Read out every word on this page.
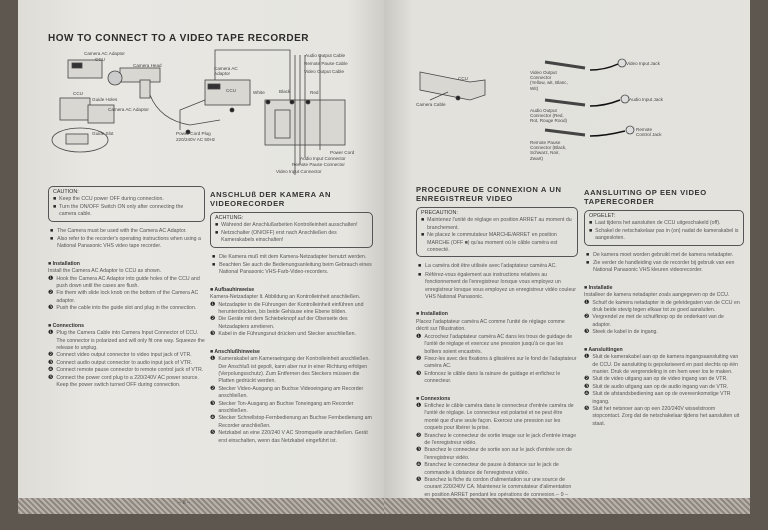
HOW TO CONNECT TO A VIDEO TAPE RECORDER
Camera AC Adaptor
CCU
Camera Head
CCU
Guide Holes
Camera AC Adaptor
Guide Slot
Camera AC Adaptor
CCU	White	Black	Red
Power Cord Plug
220/240V AC 50Hz
Audio Output Cable
Remote Pause Cable
Video Output Cable
Power Cord
Audio Input Connector
Remote Pause Connector
Video Input Connector
CCU
Camera Cable
Video Output Connector (Yellow, wit, Blanc, Wit)
Video Input Jack
Audio Output Connector (Red, Rot, Rouge Rood)
Audio Input Jack
Remote Pause Connector (Black, Schwarz, Noir, Zwart)
Remote Control Jack
CAUTION:
■ Keep the CCU power OFF during connection.
■ Turn the ON/OFF Switch ON only after connecting the camera cable.
■ The Camera must be used with the Camera AC Adaptor.
■ Also refer to the recorder's operating instructions when using a National Panasonic VHS video tape recorder.
■ Installation
Install the Camera AC Adaptor to CCU as shown.
❶ Hook the Camera AC Adaptor into guide holes of the CCU and push down until the cases are flush.
❷ Fix them with slide lock knob on the bottom of the Camera AC adaptor.
❸ Push the cable into the guide slot and plug in the connection.
■ Connections
❶ Plug the Camera Cable into Camera Input Connector of CCU. The connector is polarized and will only fit one way. Squeeze the release to unplug.
❷ Connect video output connector to video input jack of VTR.
❸ Connect audio output connector to audio input jack of VTR.
❹ Connect remote pause connector to remote control jack of VTR.
❺ Connect the power cord plug to a 220/240V AC power source. Keep the power switch turned OFF during connection.
ANSCHLUß DER KAMERA AN VIDEORECORDER
ACHTUNG:
■ Während der Anschlußarbeiten Kontrolleinheit ausschalten!
■ Netzschalter (ON/OFF) erst nach Anschließen des Kamerakabels einschalten!
■ Die Kamera muß mit dem Kamera-Netzadapter benutzt werden.
■ Beachten Sie auch die Bedienungsanleitung beim Gebrauch eines National Panasonic VHS-Farb-Video-recorders.
■ Aufbauhinweise
Kamera-Netzadapter lt. Abbildung an Kontrolleinheit anschließen.
❶ Netzadapter in die Führungen der Kontrolleinheit einführen und herunterdrücken, bis beide Gehäuse eine Ebene bilden.
❷ Die Geräte mit dem Schiebeknopf auf der Oberseite des Netzadapters arretieren.
❸ Kabel in die Führungsnut drücken und Stecker anschließen.
■ Anschlußhinweise
❶ Kamerakabel am Kameraeingang der Kontrolleinheit anschließen. Der Anschluß ist gepolt, kann aber nur in einer Richtung erfolgen (Verpolungsschutz). Zum Entfernen des Steckers müssen die Platten gedrückt werden.
❷ Stecker Video-Ausgang an Buchse Videoeingang am Recorder anschließen.
❸ Stecker Ton-Ausgang an Buchse Toneingang am Recorder anschließen.
❹ Stecker Schnellstop-Fernbedienung an Buchse Fernbedienung am Recorder anschließen.
❺ Netzkabel an eine 220/240 V AC Stromquelle anschließen. Gerät erst einschalten, wenn das Netzkabel eingeführt ist.
PROCEDURE DE CONNEXION A UN ENREGISTREUR VIDEO
PRECAUTION:
■ Maintenez l'unité de réglage en position ARRET au moment du branchement.
■ Ne placez le commutateur MARCHE/ARRET en position MARCHE (OFF ■) qu'au moment où le câble caméra est connecté.
■ La caméra doit être utilisée avec l'adaptateur caméra AC.
■ Référez-vous également aux instructions relatives au fonctionnement de l'enregistreur lorsque vous employez un enregistreur lorsque vous employez un enregistreur vidéo couleur VHS National Panasonic.
■ Installation
Placez l'adaptateur caméra AC comme l'unité de réglage comme décrit sur l'illustration.
❶ Accrochez l'adaptateur caméra AC dans les trous de guidage de l'unité de réglage et exercez une pression jusqu'à ce que les boîtiers soient encastrés.
❷ Fixez-les avec des fixations à glissières sur le fond de l'adaptateur caméra AC.
❸ Enfoncez le câble dans la rainure de guidage et enfichez le connecteur.
■ Connexions
❶ Enfichez le câble caméra dans le connecteur d'entrée caméra de l'unité de réglage. Le connecteur est polarisé et ne peut être monté que d'une seule façon. Exercez une pression sur les coquets pour libérer la prise.
❷ Branchez le connecteur de sortie image sur le jack d'entrée image de l'enregistreur vidéo.
❸ Branchez le connecteur de sortie son sur le jack d'entrée son de l'enregistreur vidéo.
❹ Branchez le connecteur de pause à distance sur le jack de commande à distance de l'enregistreur vidéo.
❺ Branchez la fiche du cordon d'alimentation sur une source de courant 220/240V CA. Maintenez le commutateur d'alimentation en position ARRET pendant les opérations de connexion.
AANSLUITING OP EEN VIDEO TAPERECORDER
OPGELET:
■ Laat tijdens het aansluiten de CCU uitgeschakeld (off).
■ Schakel de netschakelaar pas in (on) nadat de kamerakabel is aangesloten.
■ De kamera moet worden gebruikt met de kamera netadapter.
■ Zie verder de handleiding van de recorder bij gebruik van een National Panasonic VHS kleuren videorecorder.
■ Installatie
Installeer de kamera netadapter zoals aangegeven op de CCU.
❶ Schuif de kamera netadapter in de geleidegaten van de CCU en druk beide stevig tegen elkaar tot ze goed aansluiten.
❷ Vergrendel ze met de schuifknop op de onderkant van de adaptor.
❸ Steek de kabel in de ingang.
■ Aansluitingen
❶ Sluit de kamerakabel aan op de kamera ingangsaansluiting van de CCU. De aansluiting is gepolariseerd en past slechts op één manier. Druk de vergrendeling in om hem weer los te maken.
❷ Sluit de video uitgang aan op de video ingang van de VTR.
❸ Sluit de audio uitgang aan op de audio ingang van de VTR.
❹ Sluit de afstandsbediening aan op de overeenkomstige VTR ingang.
❺ Sluit het netsnoer aan op een 220/240V wisselstroom stopcontact. Zorg dat de netschakelaar tijdens het aansluiten uit staat.
– 8 –
– 9 –
